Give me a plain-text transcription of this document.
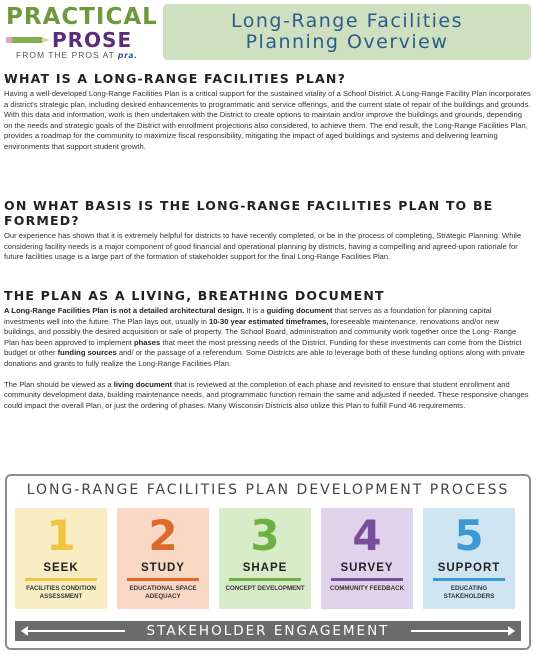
PRACTICAL
PROSE
FROM THE PROS AT pra.
Long-Range Facilities
Planning Overview
WHAT IS A LONG-RANGE FACILITIES PLAN?

Having a well-developed Long-Range Facilities Plan is a critical support for the sustained vitality of a School District. A Long-Range Facility Plan incorporates a district's strategic plan, including desired enhancements to programmatic and service offerings, and the current state of repair of the buildings and grounds. With this data and information, work is then undertaken with the District to create options to maintain and/or improve the buildings and grounds, depending on the needs and strategic goals of the District with enrollment projections also considered, to achieve them. The end result, the Long-Range Facilities Plan, provides a roadmap for the community to maximize fiscal responsibility, mitigating the impact of aged buildings and systems and delivering learning environments that support student growth.

ON WHAT BASIS IS THE LONG-RANGE FACILITIES PLAN TO BE FORMED?

Our experience has shown that it is extremely helpful for districts to have recently completed, or be in the process of completing, Strategic Planning. While considering facility needs is a major component of good financial and operational planning by districts, having a compelling and agreed-upon rationale for future facilities usage is a large part of the formation of stakeholder support for the final Long-Range Facilities Plan.

THE PLAN AS A LIVING, BREATHING DOCUMENT

A Long-Range Facilities Plan is not a detailed architectural design. It is a guiding document that serves as a foundation for planning capital investments well into the future. The Plan lays out, usually in 10-30 year estimated timeframes, foreseeable maintenance, renovations and/or new buildings, and possibly the desired acquisition or sale of property. The School Board, administration and community work together once the Long- Range Plan has been approved to implement phases that meet the most pressing needs of the District. Funding for these investments can come from the District budget or other funding sources and/ or the passage of a referendum. Some Districts are able to leverage both of these funding options along with private donations and grants to fully realize the Long-Range Facilities Plan.

The Plan should be viewed as a living document that is reviewed at the completion of each phase and revisited to ensure that student enrollment and community development data, building maintenance needs, and programmatic function remain the same and adjusted if needed. These responsive changes could impact the overall Plan, or just the ordering of phases. Many Wisconsin Districts also utilize this Plan to fulfill Fund 46 requirements.

LONG-RANGE FACILITIES PLAN DEVELOPMENT PROCESS
1
SEEK
FACILITIES CONDITION ASSESSMENT
2
STUDY
EDUCATIONAL SPACE ADEQUACY
3
SHAPE
CONCEPT DEVELOPMENT
4
SURVEY
COMMUNITY FEEDBACK
5
SUPPORT
EDUCATING STAKEHOLDERS
STAKEHOLDER ENGAGEMENT
